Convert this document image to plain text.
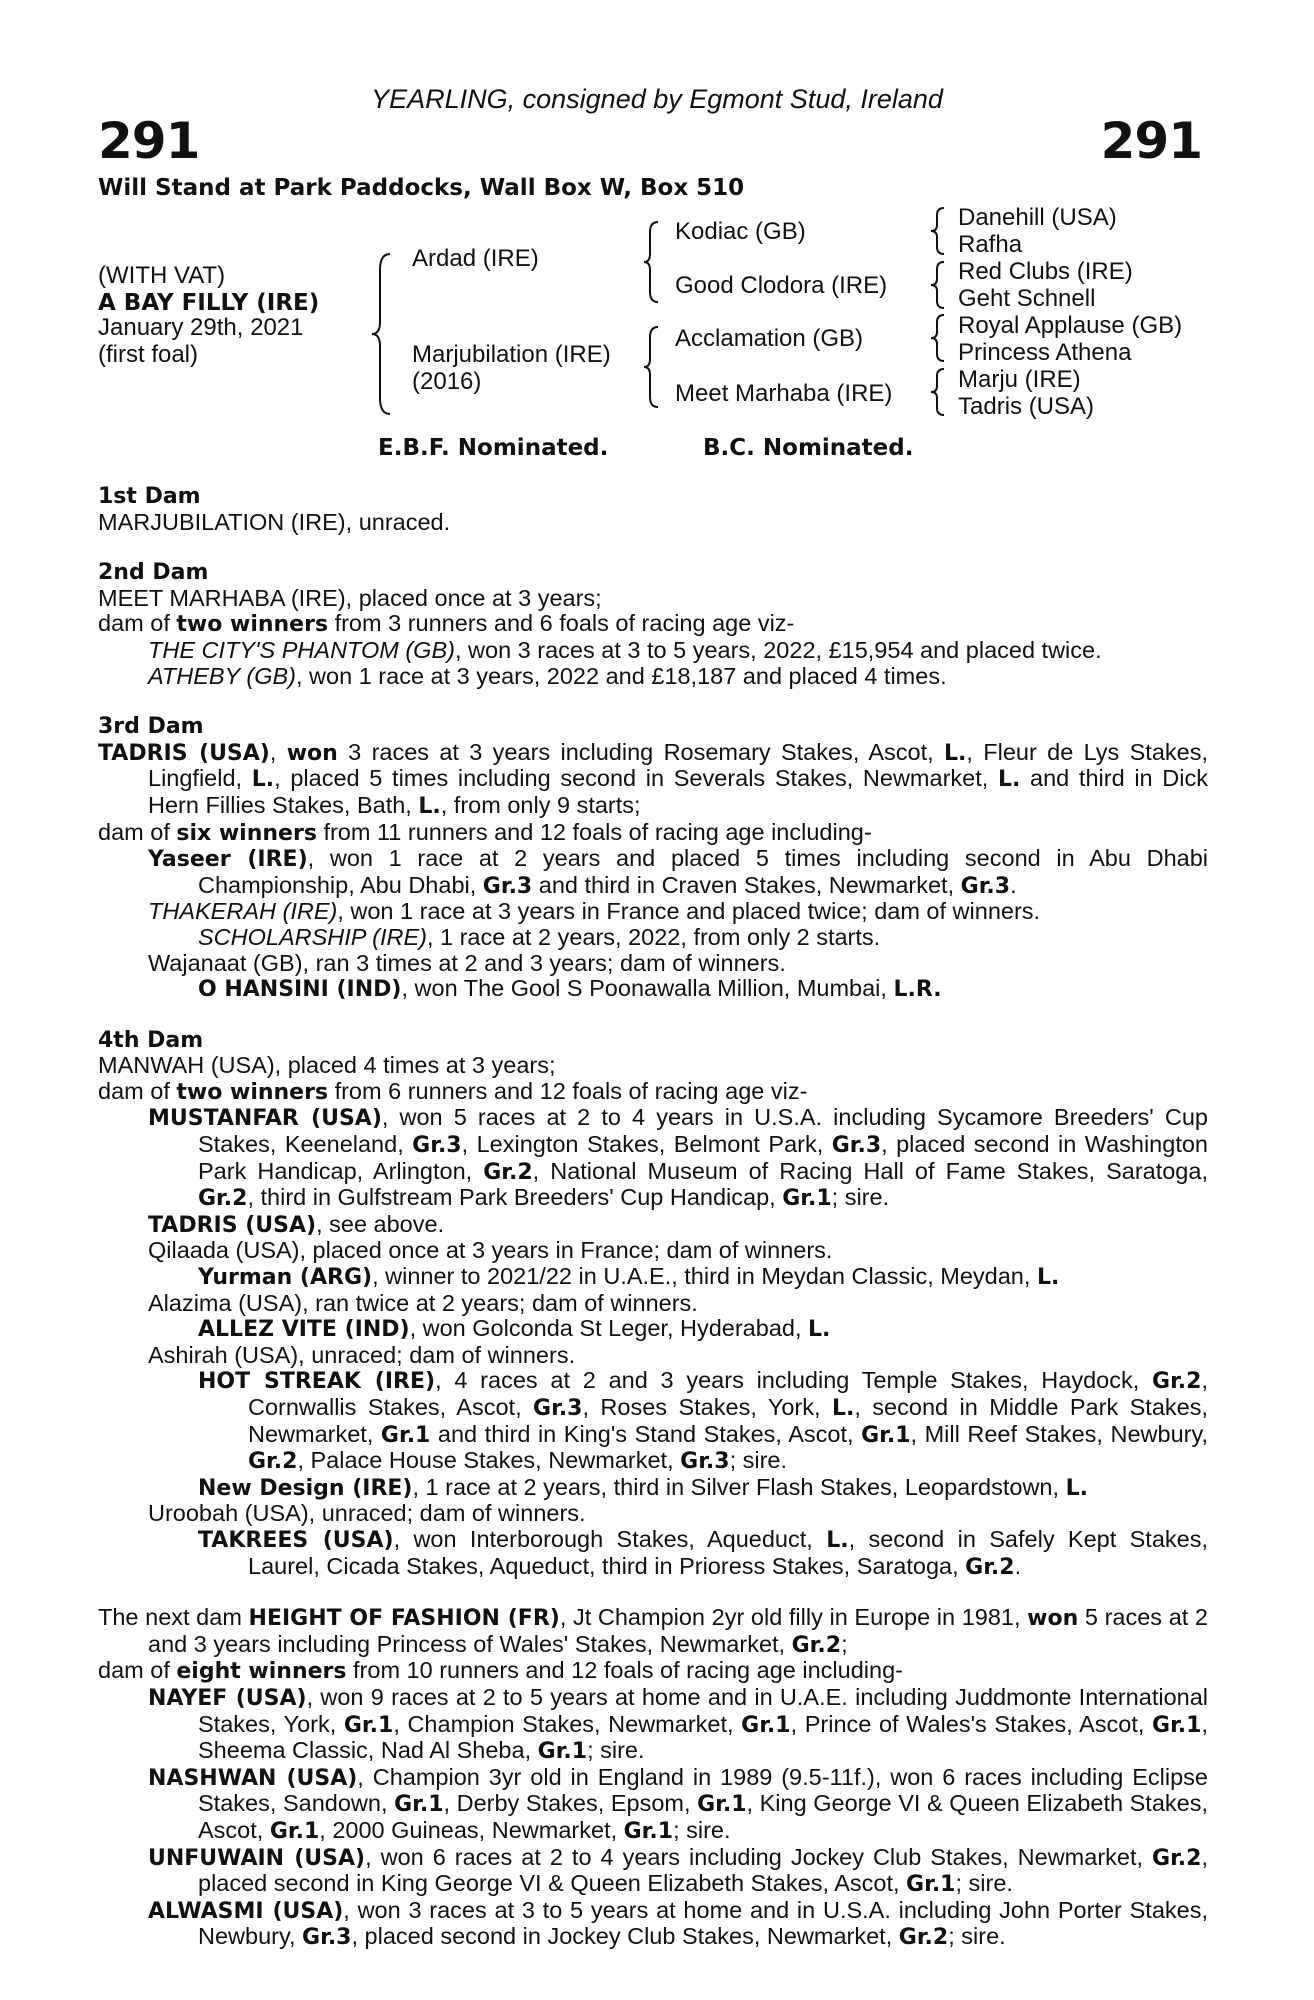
YEARLING, consigned by Egmont Stud, Ireland
291	291
Will Stand at Park Paddocks, Wall Box W, Box 510
(WITH VAT)
A BAY FILLY (IRE)
January 29th, 2021
(first foal)
Ardad (IRE)
Marjubilation (IRE)
(2016)
Kodiac (GB)
Good Clodora (IRE)
Acclamation (GB)
Meet Marhaba (IRE)
Danehill (USA)
Rafha
Red Clubs (IRE)
Geht Schnell
Royal Applause (GB)
Princess Athena
Marju (IRE)
Tadris (USA)
E.B.F. Nominated.	B.C. Nominated.

1st Dam

MARJUBILATION (IRE), unraced.

2nd Dam

MEET MARHABA (IRE), placed once at 3 years;

dam of two winners from 3 runners and 6 foals of racing age viz-

THE CITY'S PHANTOM (GB), won 3 races at 3 to 5 years, 2022, £15,954 and placed twice.

ATHEBY (GB), won 1 race at 3 years, 2022 and £18,187 and placed 4 times.

3rd Dam

TADRIS (USA), won 3 races at 3 years including Rosemary Stakes, Ascot, L., Fleur de Lys Stakes, Lingfield, L., placed 5 times including second in Severals Stakes, Newmarket, L. and third in Dick Hern Fillies Stakes, Bath, L., from only 9 starts;

dam of six winners from 11 runners and 12 foals of racing age including-

Yaseer (IRE), won 1 race at 2 years and placed 5 times including second in Abu Dhabi Championship, Abu Dhabi, Gr.3 and third in Craven Stakes, Newmarket, Gr.3.

THAKERAH (IRE), won 1 race at 3 years in France and placed twice; dam of winners.

SCHOLARSHIP (IRE), 1 race at 2 years, 2022, from only 2 starts.

Wajanaat (GB), ran 3 times at 2 and 3 years; dam of winners.

O HANSINI (IND), won The Gool S Poonawalla Million, Mumbai, L.R.

4th Dam

MANWAH (USA), placed 4 times at 3 years;

dam of two winners from 6 runners and 12 foals of racing age viz-

MUSTANFAR (USA), won 5 races at 2 to 4 years in U.S.A. including Sycamore Breeders' Cup Stakes, Keeneland, Gr.3, Lexington Stakes, Belmont Park, Gr.3, placed second in Washington Park Handicap, Arlington, Gr.2, National Museum of Racing Hall of Fame Stakes, Saratoga, Gr.2, third in Gulfstream Park Breeders' Cup Handicap, Gr.1; sire.

TADRIS (USA), see above.

Qilaada (USA), placed once at 3 years in France; dam of winners.

Yurman (ARG), winner to 2021/22 in U.A.E., third in Meydan Classic, Meydan, L.

Alazima (USA), ran twice at 2 years; dam of winners.

ALLEZ VITE (IND), won Golconda St Leger, Hyderabad, L.

Ashirah (USA), unraced; dam of winners.

HOT STREAK (IRE), 4 races at 2 and 3 years including Temple Stakes, Haydock, Gr.2, Cornwallis Stakes, Ascot, Gr.3, Roses Stakes, York, L., second in Middle Park Stakes, Newmarket, Gr.1 and third in King's Stand Stakes, Ascot, Gr.1, Mill Reef Stakes, Newbury, Gr.2, Palace House Stakes, Newmarket, Gr.3; sire.

New Design (IRE), 1 race at 2 years, third in Silver Flash Stakes, Leopardstown, L.

Uroobah (USA), unraced; dam of winners.

TAKREES (USA), won Interborough Stakes, Aqueduct, L., second in Safely Kept Stakes, Laurel, Cicada Stakes, Aqueduct, third in Prioress Stakes, Saratoga, Gr.2.

The next dam HEIGHT OF FASHION (FR), Jt Champion 2yr old filly in Europe in 1981, won 5 races at 2 and 3 years including Princess of Wales' Stakes, Newmarket, Gr.2;

dam of eight winners from 10 runners and 12 foals of racing age including-

NAYEF (USA), won 9 races at 2 to 5 years at home and in U.A.E. including Juddmonte International Stakes, York, Gr.1, Champion Stakes, Newmarket, Gr.1, Prince of Wales's Stakes, Ascot, Gr.1, Sheema Classic, Nad Al Sheba, Gr.1; sire.

NASHWAN (USA), Champion 3yr old in England in 1989 (9.5-11f.), won 6 races including Eclipse Stakes, Sandown, Gr.1, Derby Stakes, Epsom, Gr.1, King George VI & Queen Elizabeth Stakes, Ascot, Gr.1, 2000 Guineas, Newmarket, Gr.1; sire.

UNFUWAIN (USA), won 6 races at 2 to 4 years including Jockey Club Stakes, Newmarket, Gr.2, placed second in King George VI & Queen Elizabeth Stakes, Ascot, Gr.1; sire.

ALWASMI (USA), won 3 races at 3 to 5 years at home and in U.S.A. including John Porter Stakes, Newbury, Gr.3, placed second in Jockey Club Stakes, Newmarket, Gr.2; sire.
